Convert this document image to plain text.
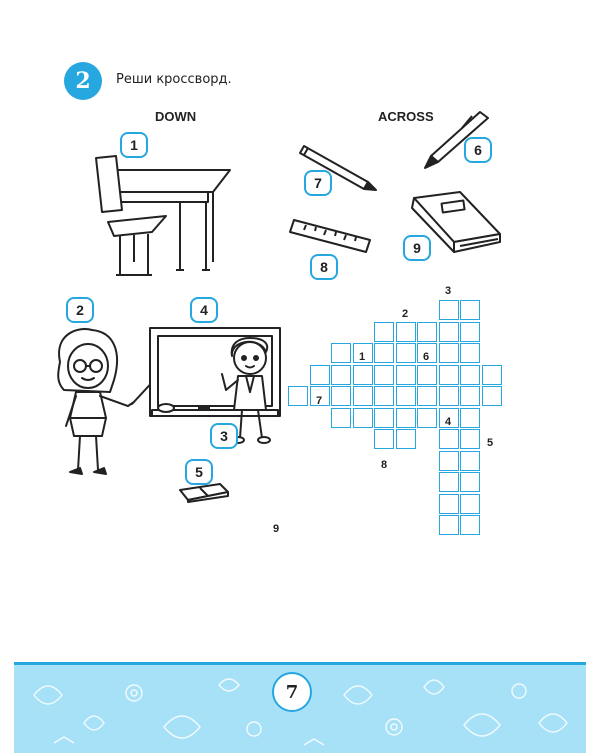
2	Реши кроссворд.
DOWN	ACROSS
1
7
6
8
9
2	4
3
5
1
2
3
4
5
6
7
8
9
7
